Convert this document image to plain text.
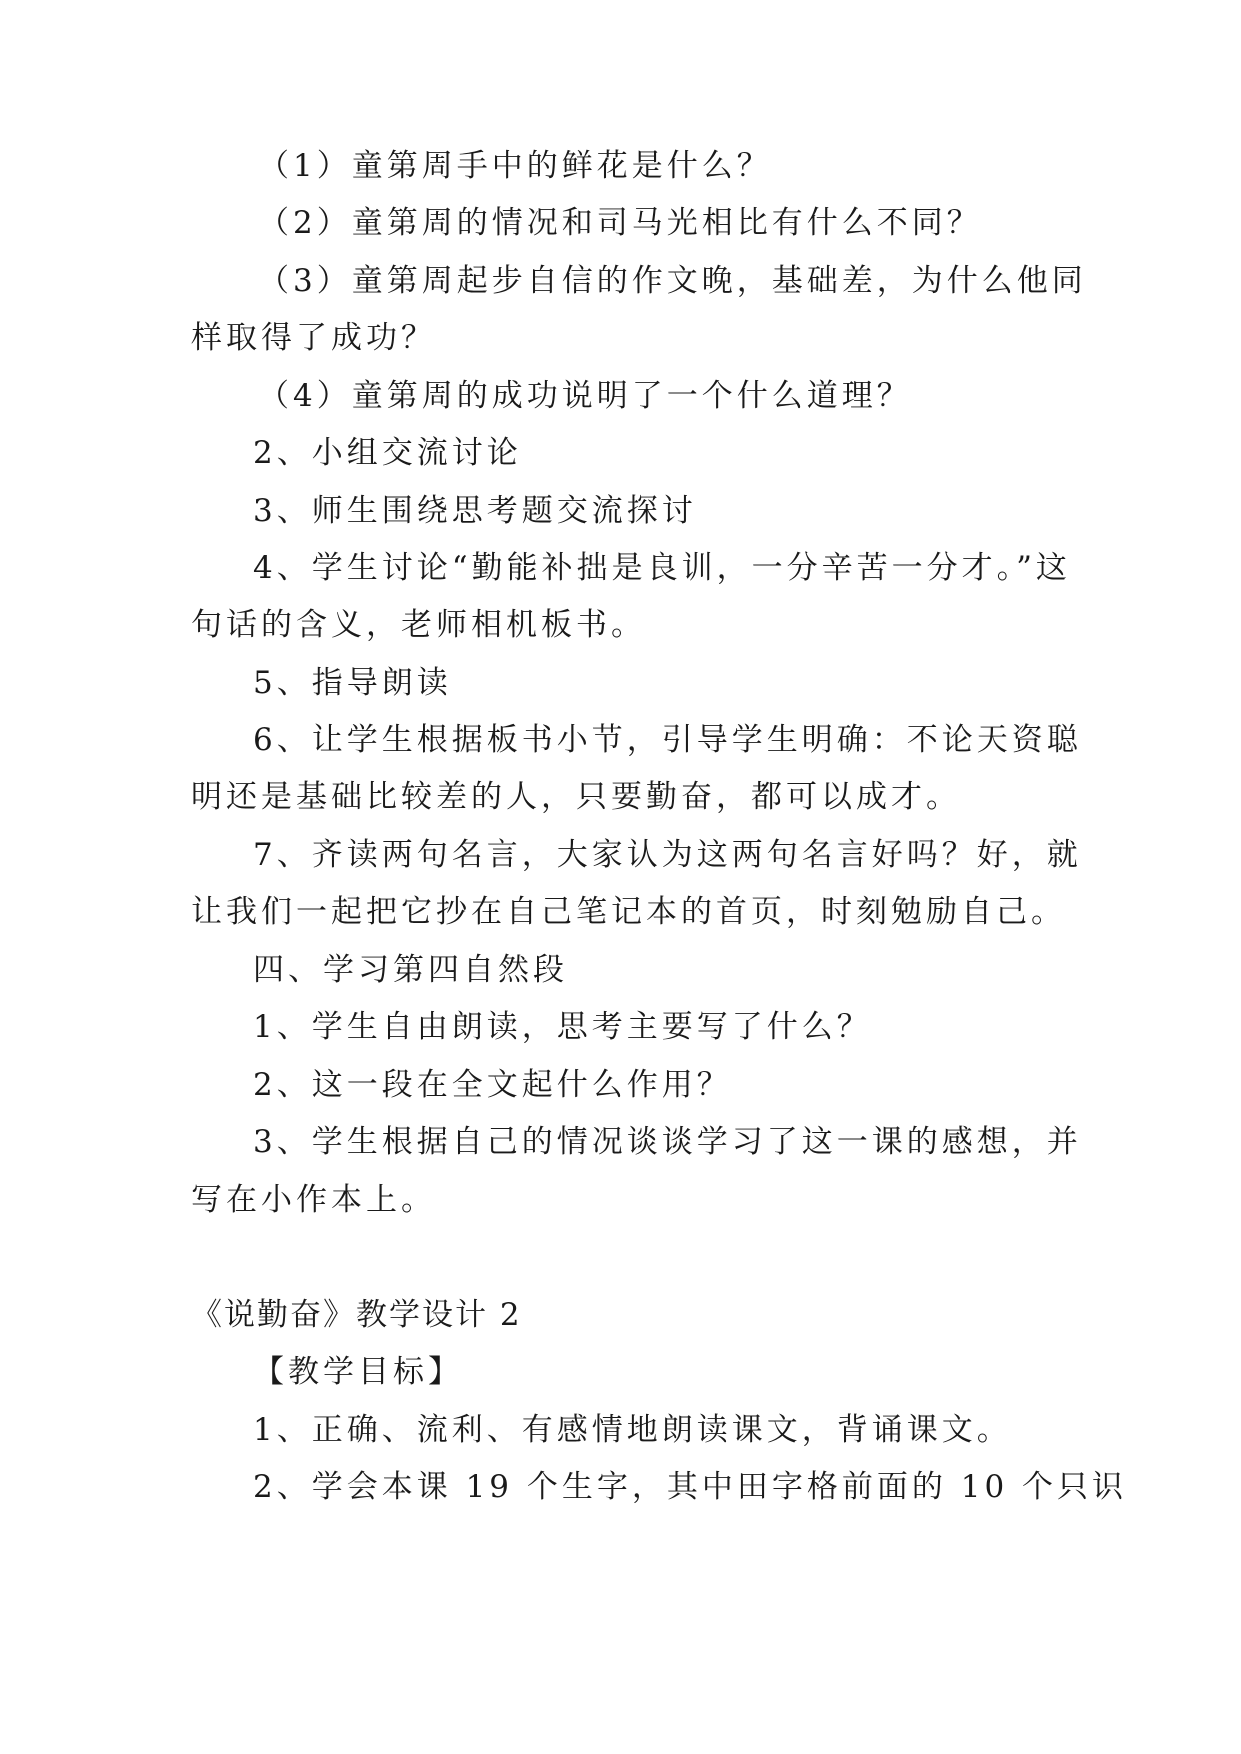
（1）童第周手中的鲜花是什么？
（2）童第周的情况和司马光相比有什么不同？
（3）童第周起步自信的作文晚，基础差，为什么他同
样取得了成功？
（4）童第周的成功说明了一个什么道理？
2、小组交流讨论
3、师生围绕思考题交流探讨
4、学生讨论“勤能补拙是良训，一分辛苦一分才。”这
句话的含义，老师相机板书。
5、指导朗读
6、让学生根据板书小节，引导学生明确：不论天资聪
明还是基础比较差的人，只要勤奋，都可以成才。
7、齐读两句名言，大家认为这两句名言好吗？好，就
让我们一起把它抄在自己笔记本的首页，时刻勉励自己。
四、学习第四自然段
1、学生自由朗读，思考主要写了什么？
2、这一段在全文起什么作用？
3、学生根据自己的情况谈谈学习了这一课的感想，并
写在小作本上。
《说勤奋》教学设计 2
【教学目标】
1、正确、流利、有感情地朗读课文，背诵课文。
2、学会本课 19 个生字，其中田字格前面的 10 个只识
